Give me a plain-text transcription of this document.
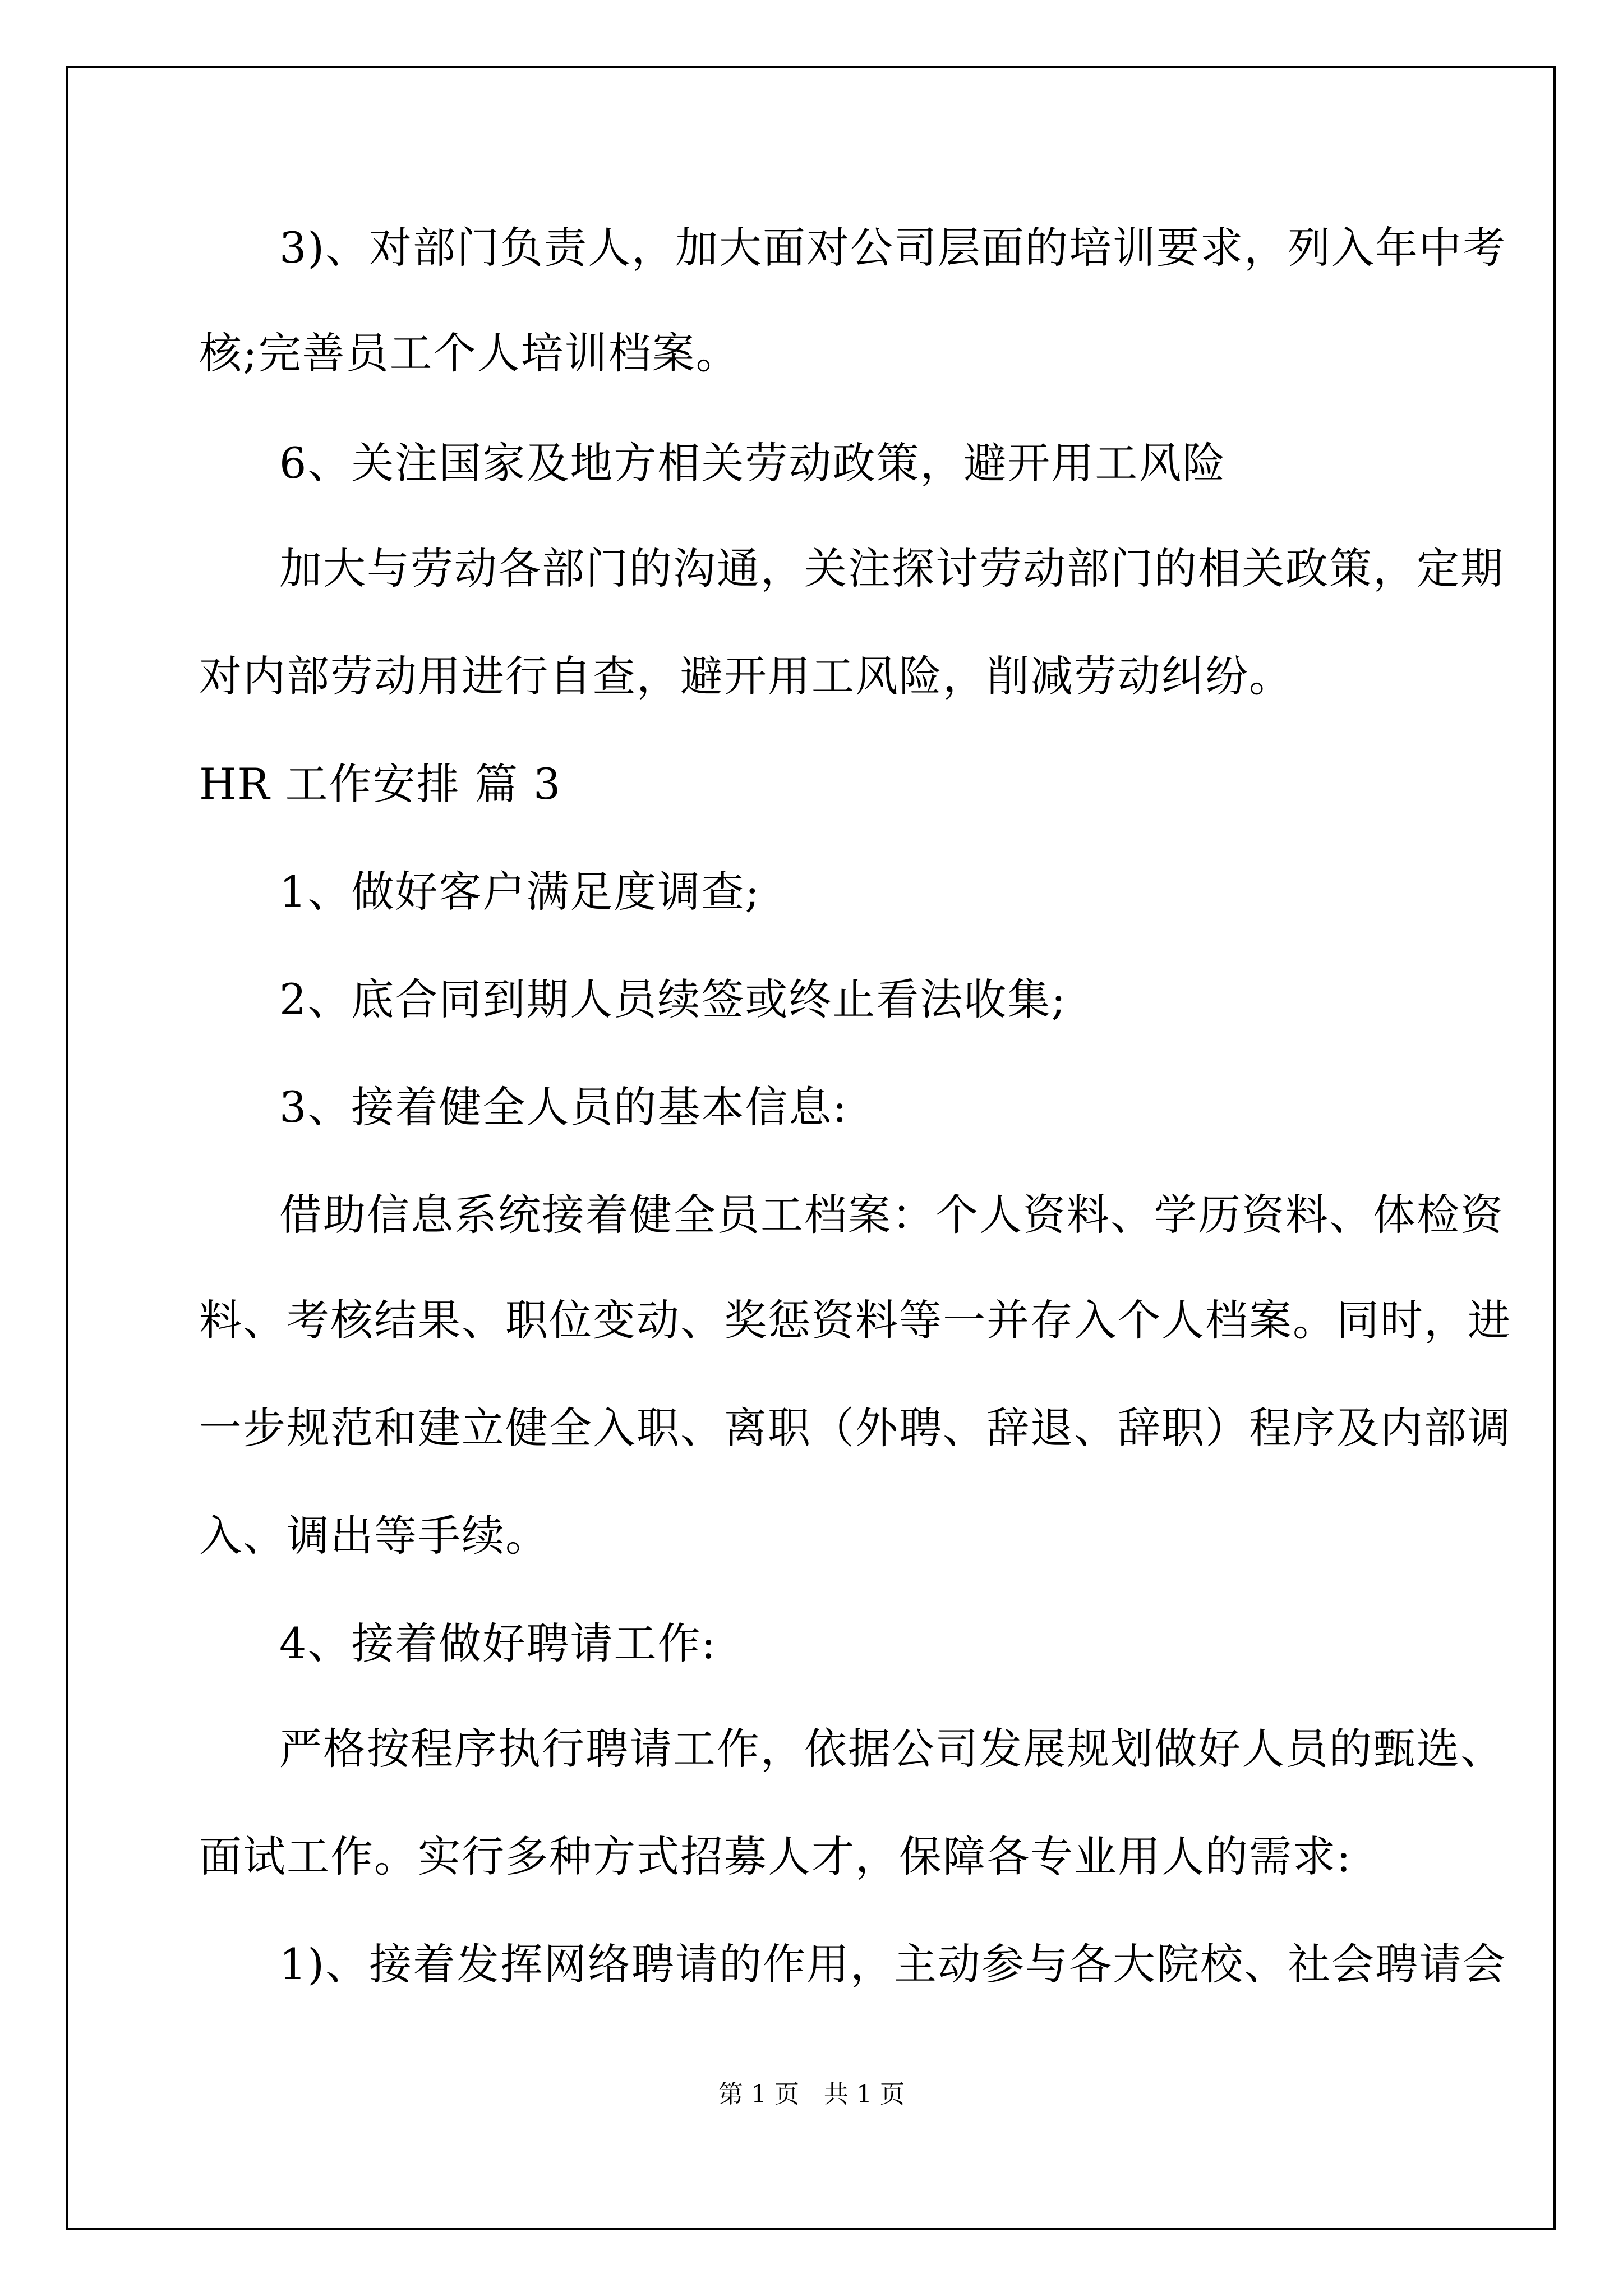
3)、对部门负责人，加大面对公司层面的培训要求，列入年中考

核;完善员工个人培训档案。

6、关注国家及地方相关劳动政策，避开用工风险

加大与劳动各部门的沟通，关注探讨劳动部门的相关政策，定期

对内部劳动用进行自查，避开用工风险，削减劳动纠纷。

HR 工作安排 篇 3

1、做好客户满足度调查;

2、底合同到期人员续签或终止看法收集;

3、接着健全人员的基本信息:

借助信息系统接着健全员工档案：个人资料、学历资料、体检资

料、考核结果、职位变动、奖惩资料等一并存入个人档案。同时，进

一步规范和建立健全入职、离职（外聘、辞退、辞职）程序及内部调

入、调出等手续。

4、接着做好聘请工作:

严格按程序执行聘请工作，依据公司发展规划做好人员的甄选、

面试工作。实行多种方式招募人才，保障各专业用人的需求:

1)、接着发挥网络聘请的作用，主动参与各大院校、社会聘请会

第 1 页　共 1 页
